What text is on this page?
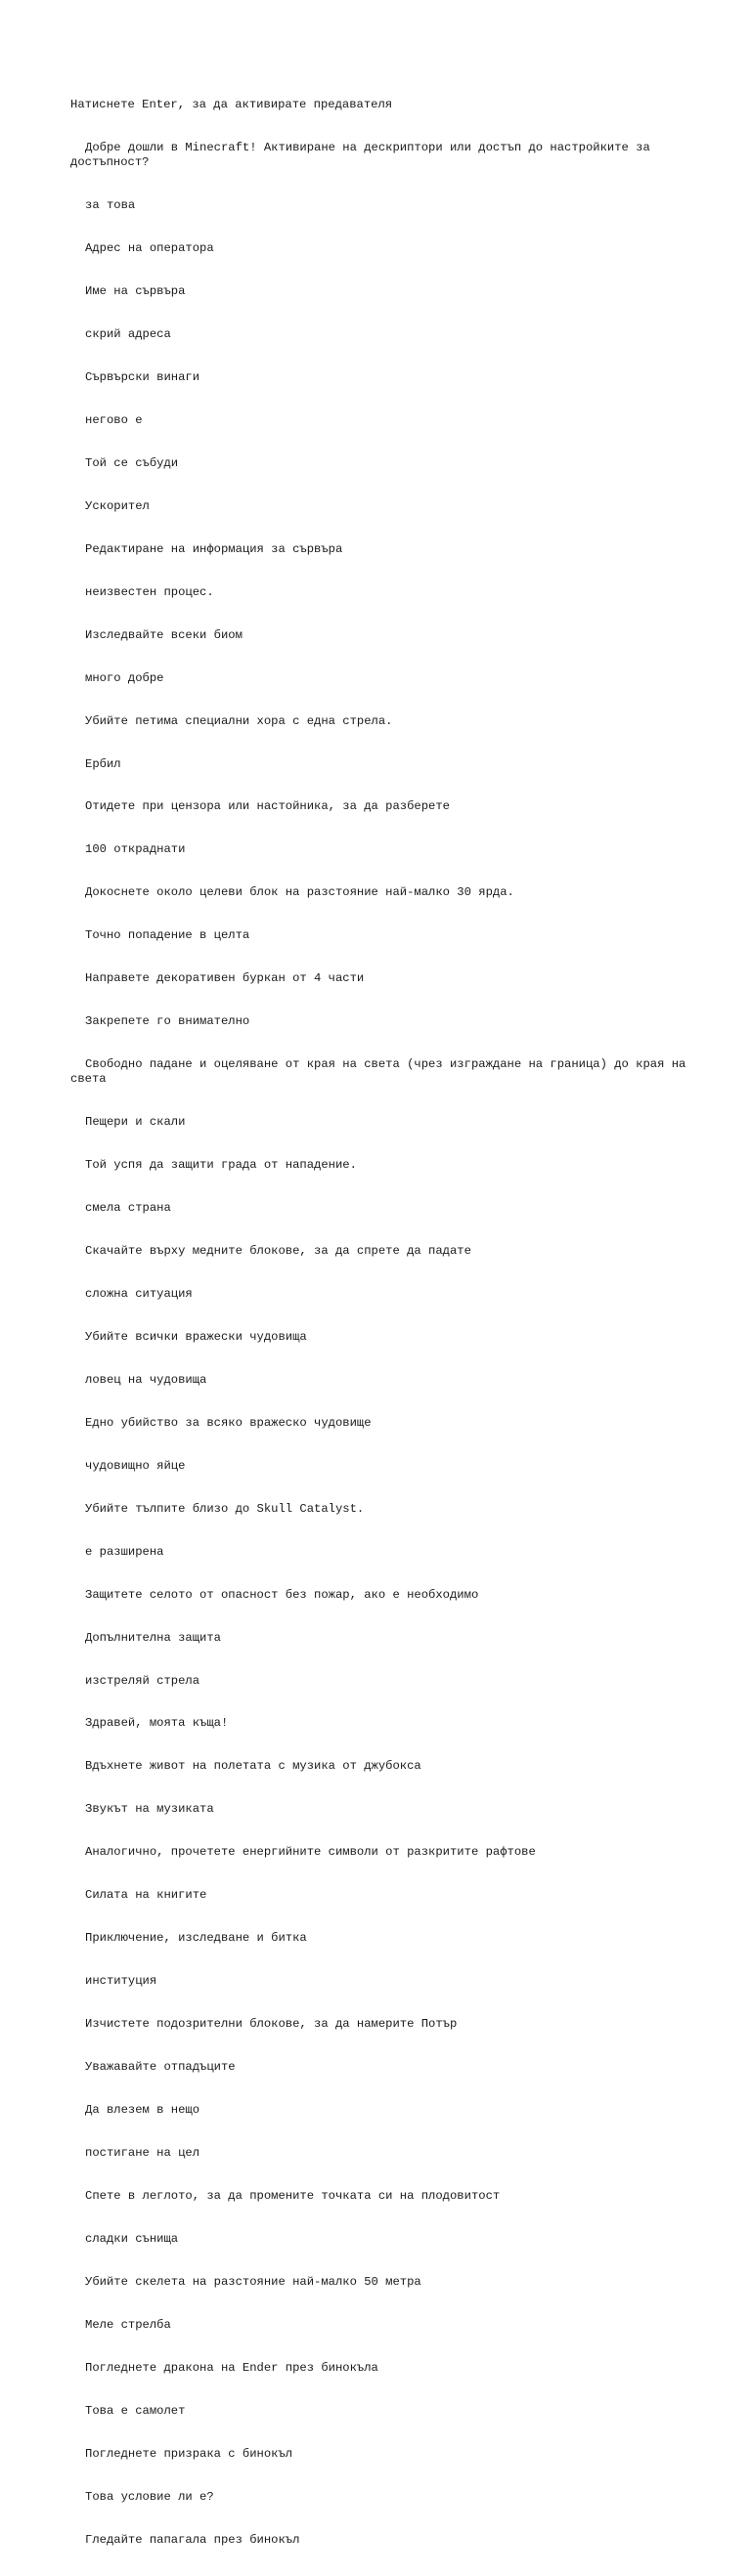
Натиснете Enter, за да активирате предавателя

Добре дошли в Minecraft! Активиране на дескриптори или достъп до настройките за достъпност?

за това

Адрес на оператора

Име на сървъра

скрий адреса

Сървърски винаги

негово е

Той се събуди

Ускорител

Редактиране на информация за сървъра

неизвестен процес.

Изследвайте всеки биом

много добре

Убийте петима специални хора с една стрела.

Ербил

Отидете при цензора или настойника, за да разберете

100 откраднати

Докоснете около целеви блок на разстояние най-малко 30 ярда.

Точно попадение в целта

Направете декоративен буркан от 4 части

Закрепете го внимателно

Свободно падане и оцеляване от края на света (чрез изграждане на граница) до края на света

Пещери и скали

Той успя да защити града от нападение.

смела страна

Скачайте върху медните блокове, за да спрете да падате

сложна ситуация

Убийте всички вражески чудовища

ловец на чудовища

Едно убийство за всяко вражеско чудовище

чудовищно яйце

Убийте тълпите близо до Skull Catalyst.

е разширена

Защитете селото от опасност без пожар, ако е необходимо

Допълнителна защита

изстреляй стрела

Здравей, моята къща!

Вдъхнете живот на полетата с музика от джубокса

Звукът на музиката

Аналогично, прочетете енергийните символи от разкритите рафтове

Силата на книгите

Приключение, изследване и битка

институция

Изчистете подозрителни блокове, за да намерите Потър

Уважавайте отпадъците

Да влезем в нещо

постигане на цел

Спете в леглото, за да промените точката си на плодовитост

сладки сънища

Убийте скелета на разстояние най-малко 50 метра

Меле стрелба

Погледнете дракона на Ender през бинокъла

Това е самолет

Погледнете призрака с бинокъл

Това условие ли е?

Гледайте папагала през бинокъл
